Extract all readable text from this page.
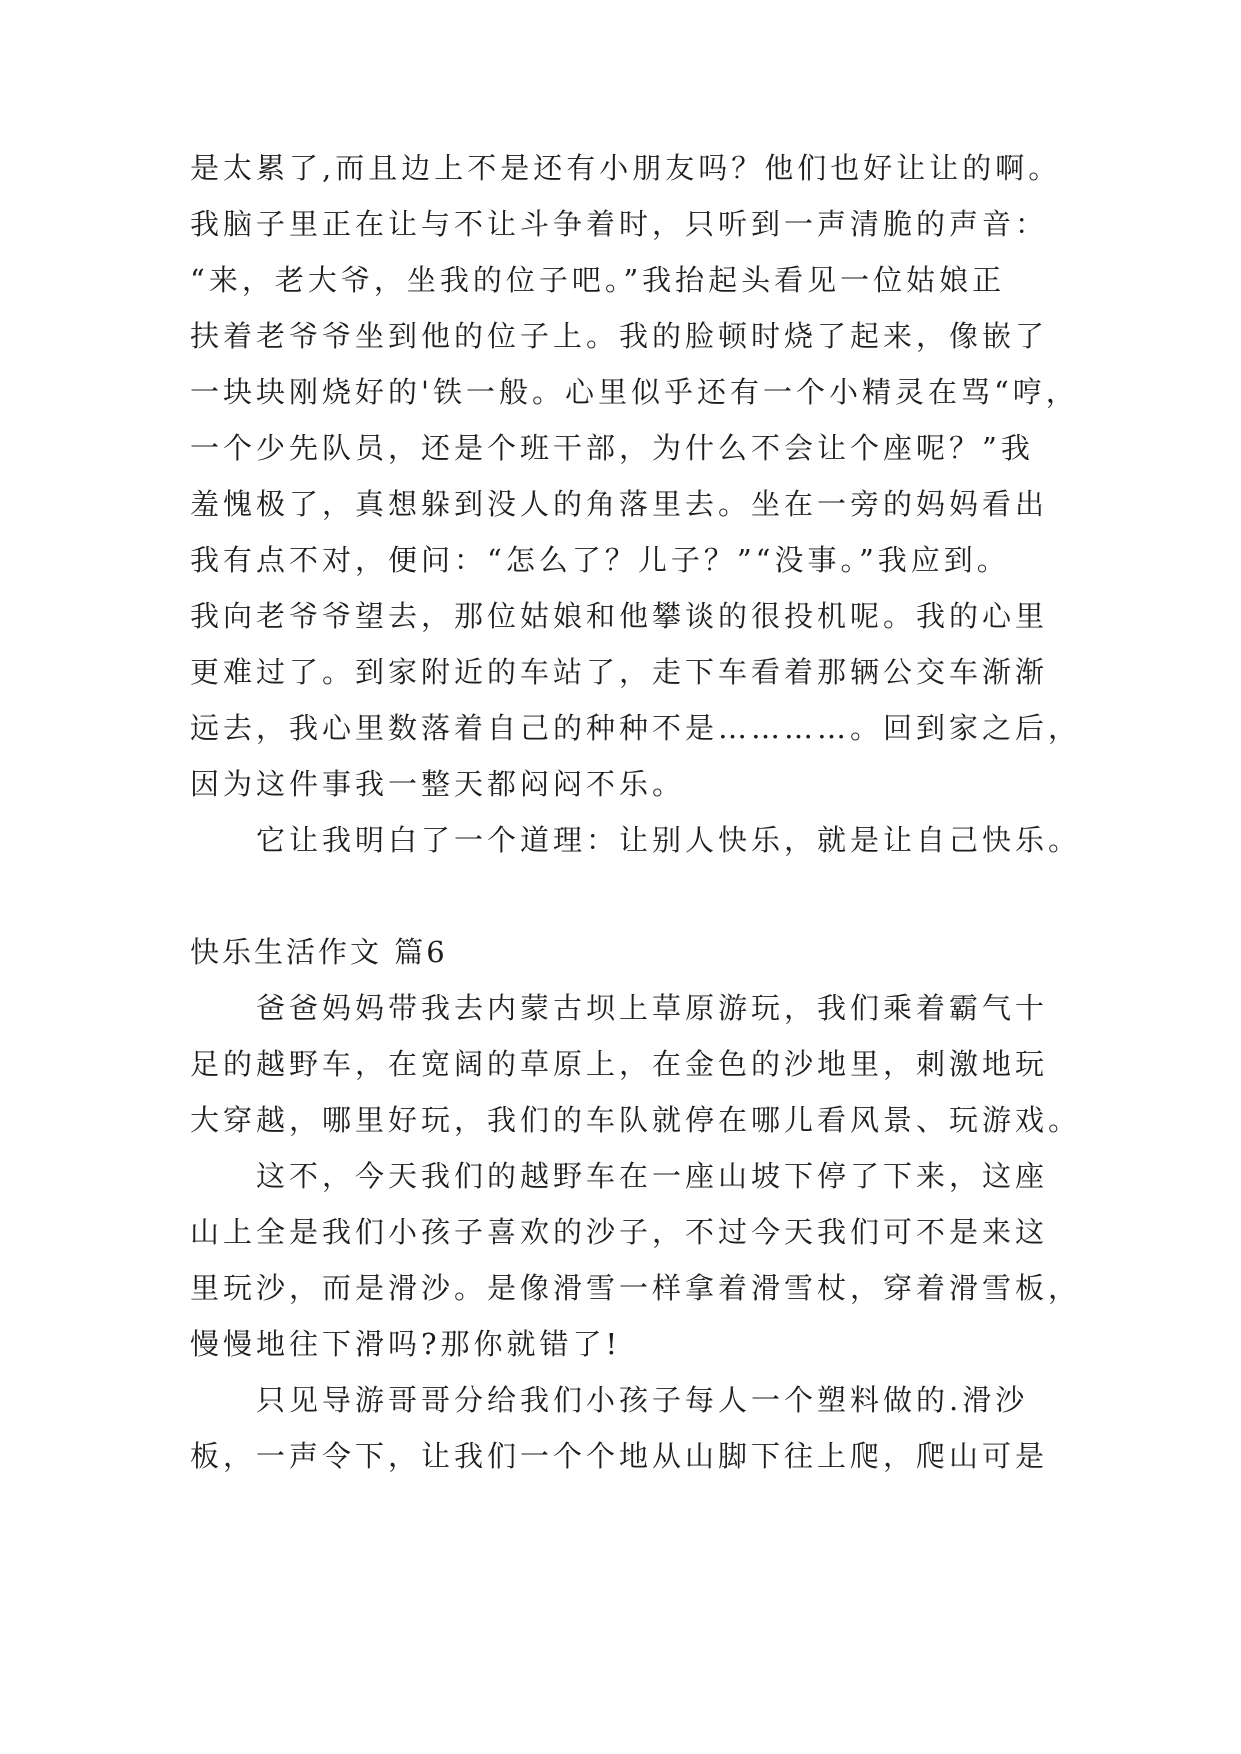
是太累了,而且边上不是还有小朋友吗？他们也好让让的啊。
我脑子里正在让与不让斗争着时，只听到一声清脆的声音：
“来，老大爷，坐我的位子吧。”我抬起头看见一位姑娘正
扶着老爷爷坐到他的位子上。我的脸顿时烧了起来，像嵌了
一块块刚烧好的'铁一般。心里似乎还有一个小精灵在骂“哼，
一个少先队员，还是个班干部，为什么不会让个座呢？”我
羞愧极了，真想躲到没人的角落里去。坐在一旁的妈妈看出
我有点不对，便问：“怎么了？儿子？”“没事。”我应到。
我向老爷爷望去，那位姑娘和他攀谈的很投机呢。我的心里
更难过了。到家附近的车站了，走下车看着那辆公交车渐渐
远去，我心里数落着自己的种种不是…………。回到家之后，
因为这件事我一整天都闷闷不乐。
它让我明白了一个道理：让别人快乐，就是让自己快乐。
快乐生活作文 篇6
爸爸妈妈带我去内蒙古坝上草原游玩，我们乘着霸气十
足的越野车，在宽阔的草原上，在金色的沙地里，刺激地玩
大穿越，哪里好玩，我们的车队就停在哪儿看风景、玩游戏。
这不，今天我们的越野车在一座山坡下停了下来，这座
山上全是我们小孩子喜欢的沙子，不过今天我们可不是来这
里玩沙，而是滑沙。是像滑雪一样拿着滑雪杖，穿着滑雪板，
慢慢地往下滑吗?那你就错了!
只见导游哥哥分给我们小孩子每人一个塑料做的.滑沙
板，一声令下，让我们一个个地从山脚下往上爬，爬山可是
